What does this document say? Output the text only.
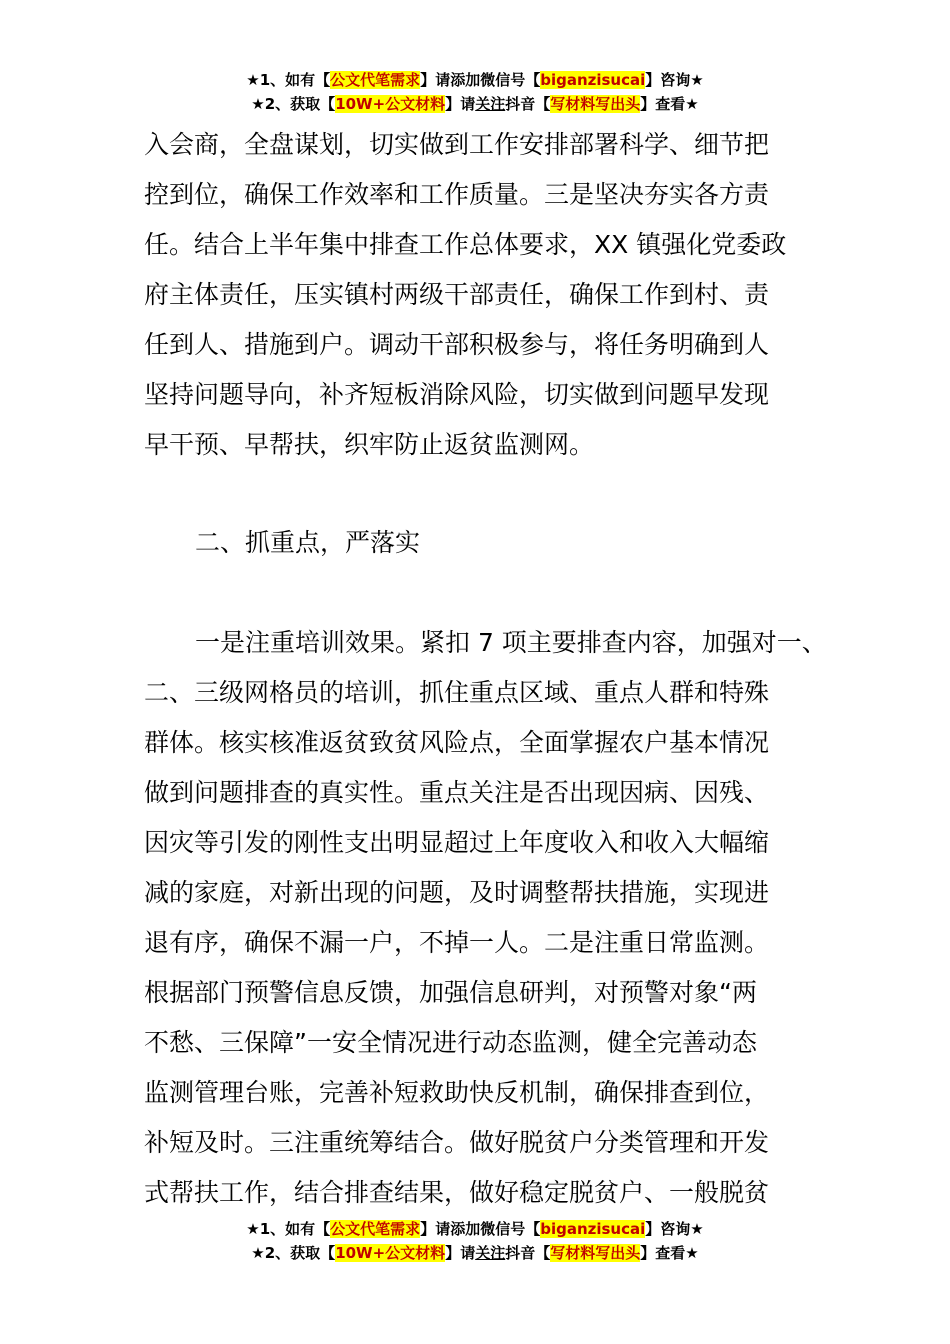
★1、如有【公文代笔需求】请添加微信号【biganzisucai】咨询★
★2、获取【10W+公文材料】请关注抖音【写材料写出头】查看★
入会商，全盘谋划，切实做到工作安排部署科学、细节把
控到位，确保工作效率和工作质量。三是坚决夯实各方责
任。结合上半年集中排查工作总体要求，XX 镇强化党委政
府主体责任，压实镇村两级干部责任，确保工作到村、责
任到人、措施到户。调动干部积极参与，将任务明确到人
坚持问题导向，补齐短板消除风险，切实做到问题早发现
早干预、早帮扶，织牢防止返贫监测网。
二、抓重点，严落实
一是注重培训效果。紧扣 7 项主要排查内容，加强对一、
二、三级网格员的培训，抓住重点区域、重点人群和特殊
群体。核实核准返贫致贫风险点，全面掌握农户基本情况
做到问题排查的真实性。重点关注是否出现因病、因残、
因灾等引发的刚性支出明显超过上年度收入和收入大幅缩
减的家庭，对新出现的问题，及时调整帮扶措施，实现进
退有序，确保不漏一户，不掉一人。二是注重日常监测。
根据部门预警信息反馈，加强信息研判，对预警对象“两
不愁、三保障”一安全情况进行动态监测，健全完善动态
监测管理台账，完善补短救助快反机制，确保排查到位，
补短及时。三注重统筹结合。做好脱贫户分类管理和开发
式帮扶工作，结合排查结果，做好稳定脱贫户、一般脱贫
★1、如有【公文代笔需求】请添加微信号【biganzisucai】咨询★
★2、获取【10W+公文材料】请关注抖音【写材料写出头】查看★
